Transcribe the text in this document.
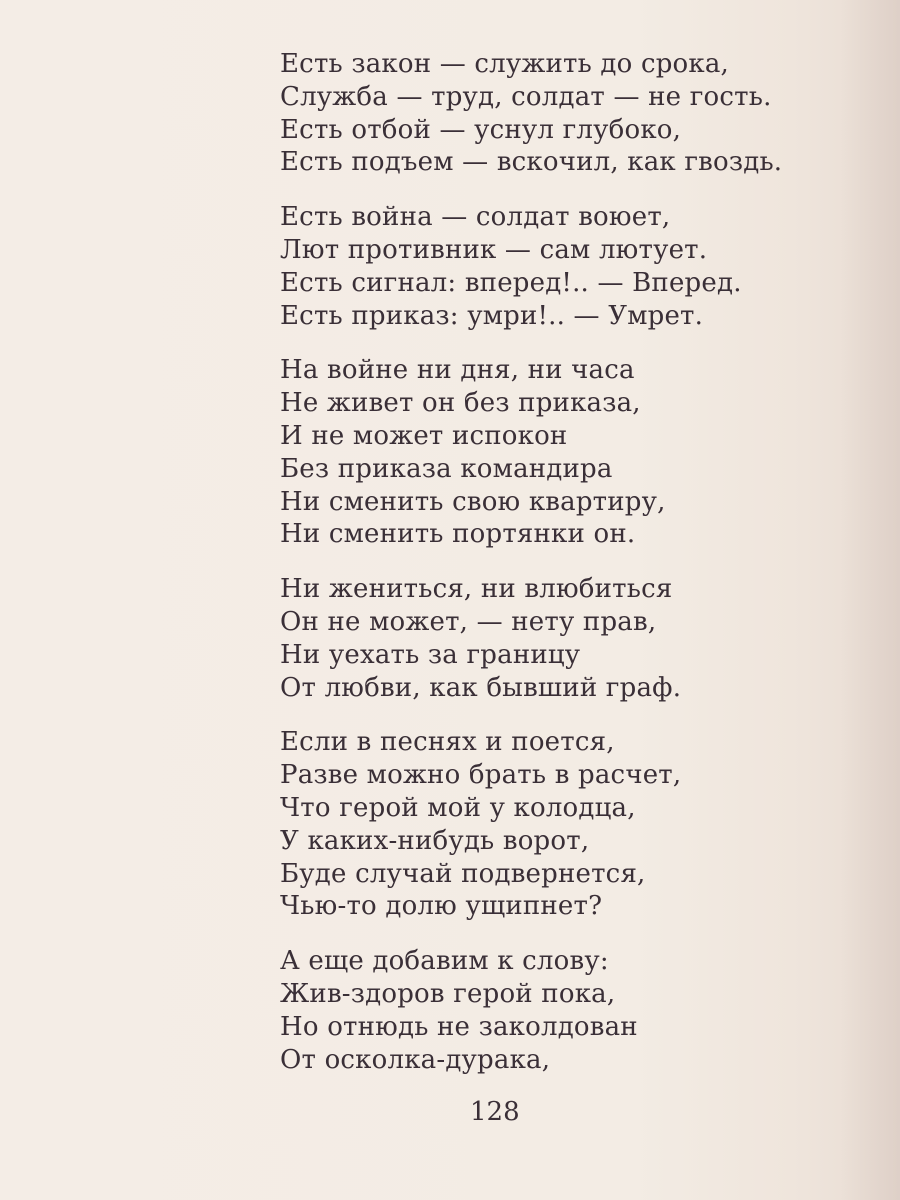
Есть закон — служить до срока,
Служба — труд, солдат — не гость.
Есть отбой — уснул глубоко,
Есть подъем — вскочил, как гвоздь.
Есть война — солдат воюет,
Лют противник — сам лютует.
Есть сигнал: вперед!.. — Вперед.
Есть приказ: умри!.. — Умрет.
На войне ни дня, ни часа
Не живет он без приказа,
И не может испокон
Без приказа командира
Ни сменить свою квартиру,
Ни сменить портянки он.
Ни жениться, ни влюбиться
Он не может, — нету прав,
Ни уехать за границу
От любви, как бывший граф.
Если в песнях и поется,
Разве можно брать в расчет,
Что герой мой у колодца,
У каких-нибудь ворот,
Буде случай подвернется,
Чью-то долю ущипнет?
А еще добавим к слову:
Жив-здоров герой пока,
Но отнюдь не заколдован
От осколка-дурака,
128
